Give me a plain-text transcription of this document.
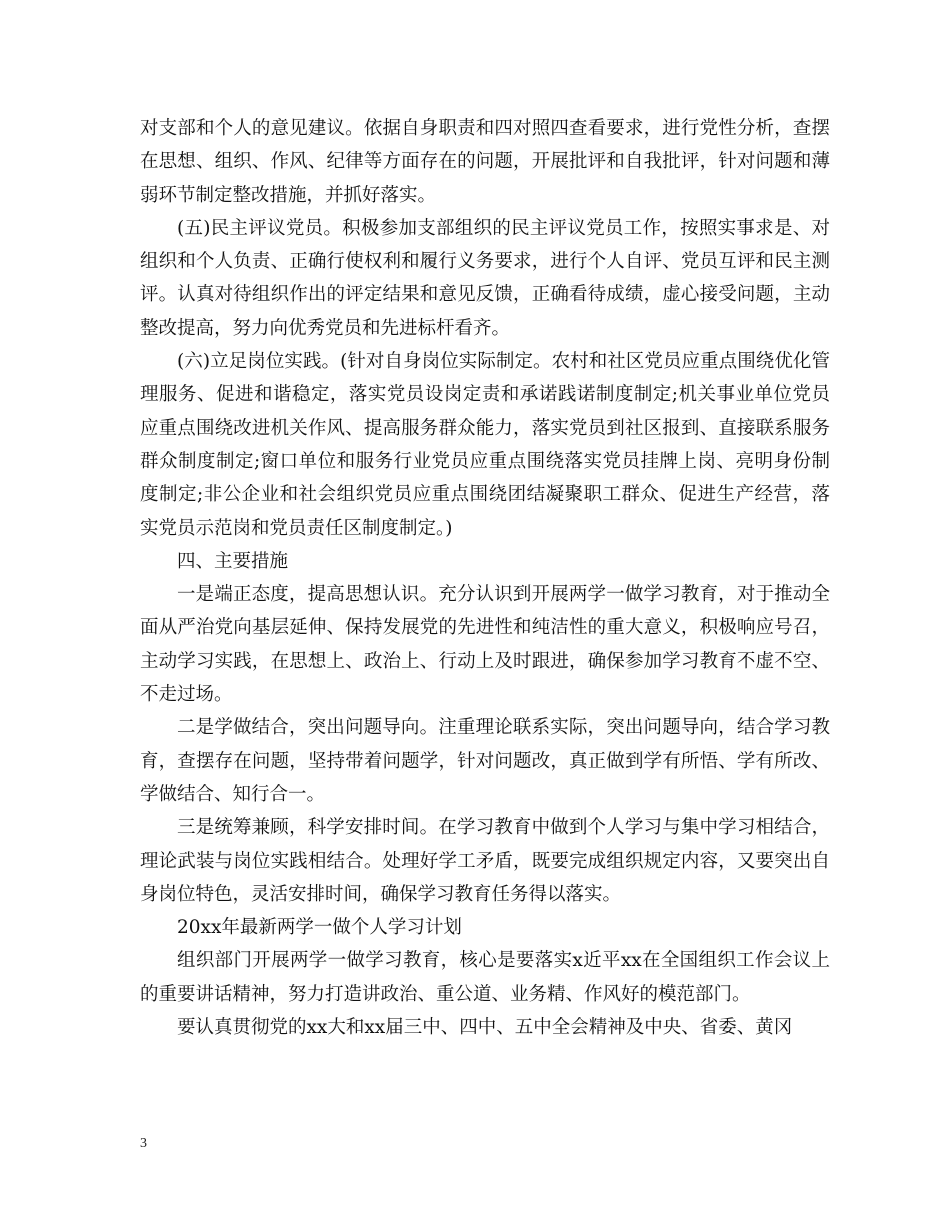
对支部和个人的意见建议。依据自身职责和四对照四查看要求，进行党性分析，查摆在思想、组织、作风、纪律等方面存在的问题，开展批评和自我批评，针对问题和薄弱环节制定整改措施，并抓好落实。

(五)民主评议党员。积极参加支部组织的民主评议党员工作，按照实事求是、对组织和个人负责、正确行使权利和履行义务要求，进行个人自评、党员互评和民主测评。认真对待组织作出的评定结果和意见反馈，正确看待成绩，虚心接受问题，主动整改提高，努力向优秀党员和先进标杆看齐。

(六)立足岗位实践。(针对自身岗位实际制定。农村和社区党员应重点围绕优化管理服务、促进和谐稳定，落实党员设岗定责和承诺践诺制度制定;机关事业单位党员应重点围绕改进机关作风、提高服务群众能力，落实党员到社区报到、直接联系服务群众制度制定;窗口单位和服务行业党员应重点围绕落实党员挂牌上岗、亮明身份制度制定;非公企业和社会组织党员应重点围绕团结凝聚职工群众、促进生产经营，落实党员示范岗和党员责任区制度制定。)

四、主要措施

一是端正态度，提高思想认识。充分认识到开展两学一做学习教育，对于推动全面从严治党向基层延伸、保持发展党的先进性和纯洁性的重大意义，积极响应号召，主动学习实践，在思想上、政治上、行动上及时跟进，确保参加学习教育不虚不空、不走过场。

二是学做结合，突出问题导向。注重理论联系实际，突出问题导向，结合学习教育，查摆存在问题，坚持带着问题学，针对问题改，真正做到学有所悟、学有所改、学做结合、知行合一。

三是统筹兼顾，科学安排时间。在学习教育中做到个人学习与集中学习相结合，理论武装与岗位实践相结合。处理好学工矛盾，既要完成组织规定内容，又要突出自身岗位特色，灵活安排时间，确保学习教育任务得以落实。

20xx年最新两学一做个人学习计划

组织部门开展两学一做学习教育，核心是要落实x近平xx在全国组织工作会议上的重要讲话精神，努力打造讲政治、重公道、业务精、作风好的模范部门。

要认真贯彻党的xx大和xx届三中、四中、五中全会精神及中央、省委、黄冈

3
